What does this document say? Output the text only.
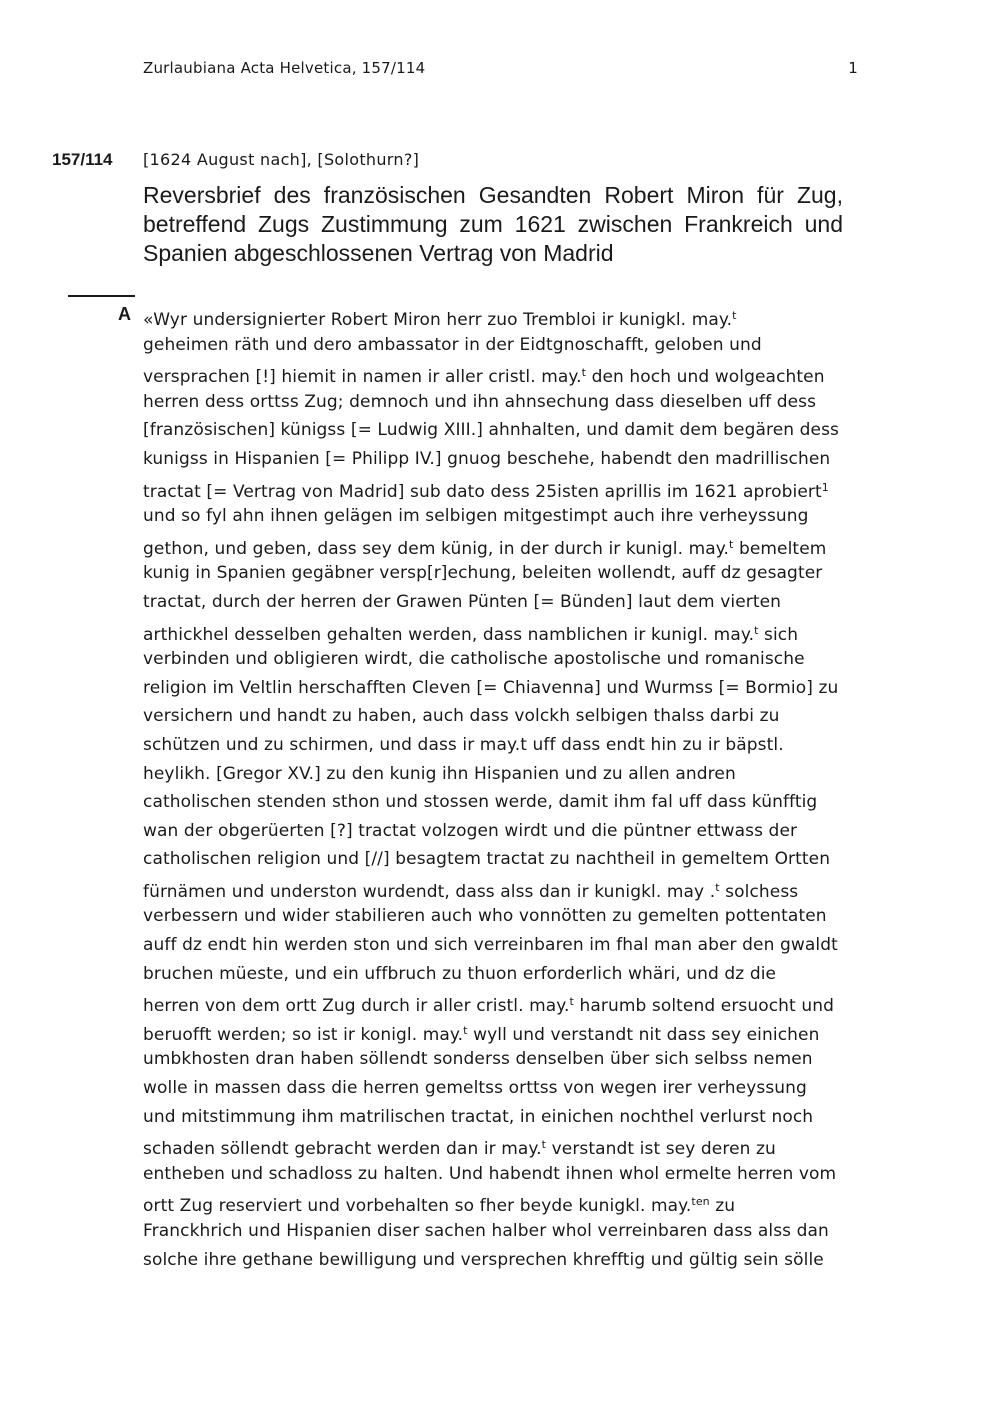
Zurlaubiana Acta Helvetica, 157/114	1
157/114 [1624 August nach], [Solothurn?]
Reversbrief des französischen Gesandten Robert Miron für Zug, betreffend Zugs Zustimmung zum 1621 zwischen Frankreich und Spanien abgeschlossenen Vertrag von Madrid
A «Wyr undersignierter Robert Miron herr zuo Trembloi ir kunigkl. may.$^t$
geheimen räth und dero ambassator in der Eidtgnoschafft, geloben und
versprachen [!] hiemit in namen ir aller cristl. may.$^t$ den hoch und wolgeachten
herren dess orttss Zug; demnoch und ihn ahnsechung dass dieselben uff dess
[französischen] künigss [= Ludwig XIII.] ahnhalten, und damit dem begären dess
kunigss in Hispanien [= Philipp IV.] gnuog beschehe, habendt den madrillischen
tractat [= Vertrag von Madrid] sub dato dess 25isten aprillis im 1621 aprobiert$^1$
und so fyl ahn ihnen gelägen im selbigen mitgestimpt auch ihre verheyssung
gethon, und geben, dass sey dem künig, in der durch ir kunigl. may.$^t$ bemeltem
kunig in Spanien gegäbner versp[r]echung, beleiten wollendt, auff dz gesagter
tractat, durch der herren der Grawen Pünten [= Bünden] laut dem vierten
arthickhel desselben gehalten werden, dass namblichen ir kunigl. may.$^t$ sich
verbinden und obligieren wirdt, die catholische apostolische und romanische
religion im Veltlin herschafften Cleven [= Chiavenna] und Wurmss [= Bormio] zu
versichern und handt zu haben, auch dass volckh selbigen thalss darbi zu
schützen und zu schirmen, und dass ir may.t uff dass endt hin zu ir bäpstl.
heylikh. [Gregor XV.] zu den kunig ihn Hispanien und zu allen andren
catholischen stenden sthon und stossen werde, damit ihm fal uff dass künfftig
wan der obgerüerten [?] tractat volzogen wirdt und die püntner ettwass der
catholischen religion und [//] besagtem tractat zu nachtheil in gemeltem Ortten
fürnämen und underston wurdendt, dass alss dan ir kunigkl. may .$^t$ solchess
verbessern und wider stabilieren auch who vonnötten zu gemelten pottentaten
auff dz endt hin werden ston und sich verreinbaren im fhal man aber den gwaldt
bruchen müeste, und ein uffbruch zu thuon erforderlich whäri, und dz die
herren von dem ortt Zug durch ir aller cristl. may.$^t$ harumb soltend ersuocht und
beruofft werden; so ist ir konigl. may.$^t$ wyll und verstandt nit dass sey einichen
umbkhosten dran haben söllendt sonderss denselben über sich selbss nemen
wolle in massen dass die herren gemeltss orttss von wegen irer verheyssung
und mitstimmung ihm matrilischen tractat, in einichen nochthel verlurst noch
schaden söllendt gebracht werden dan ir may.$^t$ verstandt ist sey deren zu
entheben und schadloss zu halten. Und habendt ihnen whol ermelte herren vom
ortt Zug reserviert und vorbehalten so fher beyde kunigkl. may.$^{ten}$ zu
Franckhrich und Hispanien diser sachen halber whol verreinbaren dass alss dan
solche ihre gethane bewilligung und versprechen khrefftig und gültig sein sölle
